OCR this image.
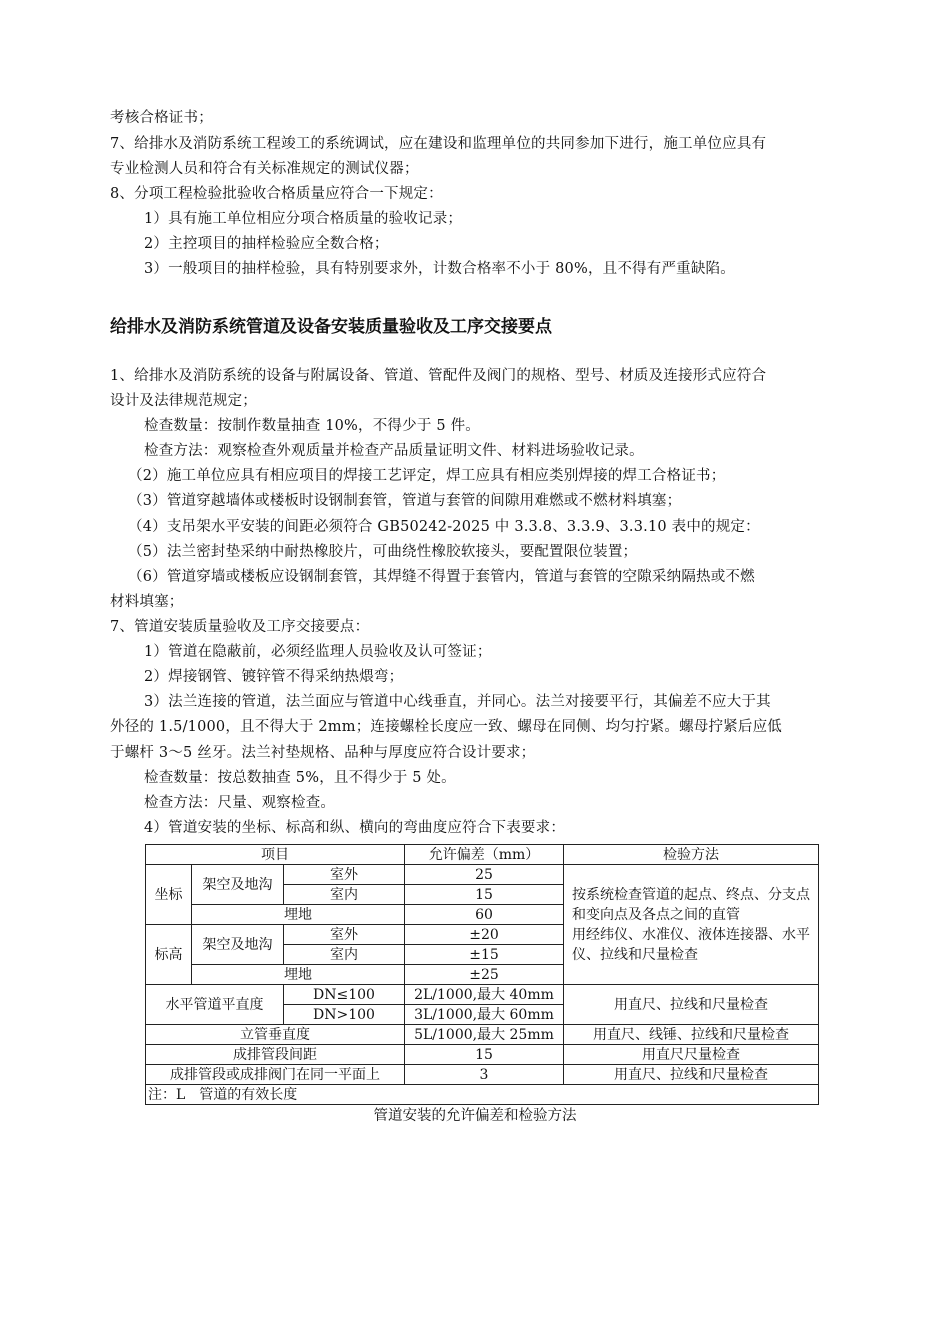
考核合格证书；
7、给排水及消防系统工程竣工的系统调试，应在建设和监理单位的共同参加下进行，施工单位应具有
专业检测人员和符合有关标准规定的测试仪器；
8、分项工程检验批验收合格质量应符合一下规定：
1）具有施工单位相应分项合格质量的验收记录；
2）主控项目的抽样检验应全数合格；
3）一般项目的抽样检验，具有特别要求外，计数合格率不小于 80%，且不得有严重缺陷。
给排水及消防系统管道及设备安装质量验收及工序交接要点
1、给排水及消防系统的设备与附属设备、管道、管配件及阀门的规格、型号、材质及连接形式应符合
设计及法律规范规定；
检查数量：按制作数量抽查 10%，不得少于 5 件。
检查方法：观察检查外观质量并检查产品质量证明文件、材料进场验收记录。
（2）施工单位应具有相应项目的焊接工艺评定，焊工应具有相应类别焊接的焊工合格证书；
（3）管道穿越墙体或楼板时设钢制套管，管道与套管的间隙用难燃或不燃材料填塞；
（4）支吊架水平安装的间距必须符合 GB50242-2025 中 3.3.8、3.3.9、3.3.10 表中的规定：
（5）法兰密封垫采纳中耐热橡胶片，可曲绕性橡胶软接头，要配置限位装置；
（6）管道穿墙或楼板应设钢制套管，其焊缝不得置于套管内，管道与套管的空隙采纳隔热或不燃
材料填塞；
7、管道安装质量验收及工序交接要点：
1）管道在隐蔽前，必须经监理人员验收及认可签证；
2）焊接钢管、镀锌管不得采纳热煨弯；
3）法兰连接的管道，法兰面应与管道中心线垂直，并同心。法兰对接要平行，其偏差不应大于其
外径的 1.5/1000，且不得大于 2mm；连接螺栓长度应一致、螺母在同侧、均匀拧紧。螺母拧紧后应低
于螺杆 3～5 丝牙。法兰衬垫规格、品种与厚度应符合设计要求；
检查数量：按总数抽查 5%，且不得少于 5 处。
检查方法：尺量、观察检查。
4）管道安装的坐标、标高和纵、横向的弯曲度应符合下表要求：
项目			允许偏差（mm）	检验方法
坐标	架空及地沟	室外	25	按系统检查管道的起点、终点、分支点和变向点及各点之间的直管
用经纬仪、水准仪、液体连接器、水平仪、拉线和尺量检查

		室内	15	
	埋地		60	
标高	架空及地沟	室外	±20	
		室内	±15	
	埋地		±25	
水平管道平直度		DN≤100	2L/1000,最大 40mm	用直尺、拉线和尺量检查
		DN>100	3L/1000,最大 60mm	
立管垂直度			5L/1000,最大 25mm	用直尺、线锤、拉线和尺量检查
成排管段间距			15	用直尺尺量检查
成排管段或成排阀门在同一平面上			3	用直尺、拉线和尺量检查
注：L　管道的有效长度				
管道安装的允许偏差和检验方法
